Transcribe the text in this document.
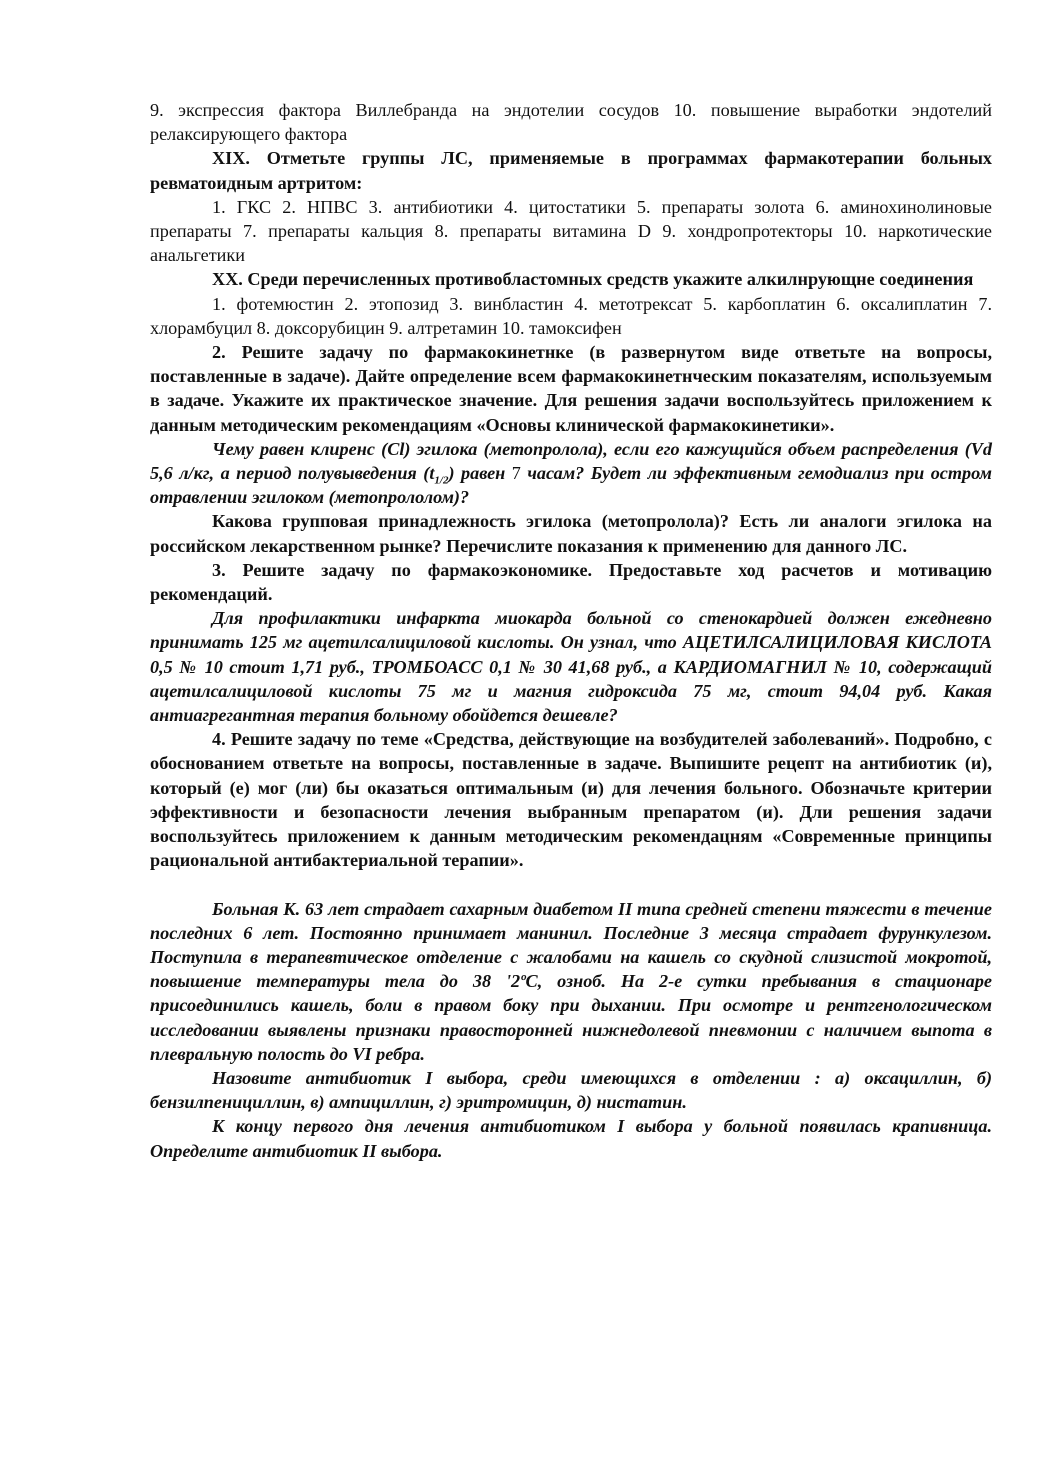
9. экспрессия фактора Виллебранда на эндотелии сосудов 10. повышение выработки эндотелий релаксирующего фактора

XIX. Отметьте группы ЛС, применяемые в программах фармакотерапии больных ревматоидным артритом:

1. ГКС 2. НПВС 3. антибиотики 4. цитостатики 5. препараты золота 6. аминохинолиновые препараты 7. препараты кальция 8. препараты витамина D 9. хондропротекторы 10. наркотические анальгетики

XX. Среди перечисленных противобластомных средств укажите алкилнрующне соединения

1. фотемюстин 2. этопозид 3. винбластин 4. метотрексат 5. карбоплатин 6. оксалиплатин 7. хлорамбуцил 8. доксорубицин 9. алтретамин 10. тамоксифен

2. Решите задачу по фармакокинетнке (в развернутом виде ответьте на вопросы, поставленные в задаче). Дайте определение всем фармакокинетнческим показателям, используемым в задаче. Укажите их практическое значение. Для решения задачи воспользуйтесь приложением к данным методическим рекомендациям «Основы клинической фармакокинетики».

Чему равен клиренс (Cl) эгилока (метопролола), если его кажущийся объем распределения (Vd 5,6 л/кг, а период полувыведения $(t_{1/2})$ равен 7 часам? Будет ли эффективным гемодиализ при остром отравлении эгилоком (метопрололом)?

Какова групповая принадлежность эгилока (метопролола)? Есть ли аналоги эгилока на российском лекарственном рынке? Перечислите показания к применению для данного ЛС.

3. Решите задачу по фармакоэкономике. Предоставьте ход расчетов и мотивацию рекомендаций.

Для профилактики инфаркта миокарда больной со стенокардией должен ежедневно принимать 125 мг ацетилсалициловой кислоты. Он узнал, что АЦЕТИЛСАЛИЦИЛОВАЯ КИСЛОТА 0,5 № 10 стоит 1,71 руб., ТРОМБОАСС 0,1 № 30 41,68 руб., а КАРДИОМАГНИЛ № 10, содержащий ацетилсалициловой кислоты 75 мг и магния гидроксида 75 мг, стоит 94,04 руб. Какая антиагрегантная терапия больному обойдется дешевле?

4. Решите задачу по теме «Средства, действующие на возбудителей заболеваний». Подробно, с обоснованием ответьте на вопросы, поставленные в задаче. Выпишите рецепт на антибиотик (и), который (е) мог (ли) бы оказаться оптимальным (и) для лечения больного. Обозначьте критерии эффективности и безопасности лечения выбранным препаратом (и). Дли решения задачи воспользуйтесь приложением к данным методическим рекомендацням «Современные принципы рациональной антибактериальной терапии».

Больная К. 63 лет страдает сахарным диабетом II типа средней степени тяжести в течение последних 6 лет. Постоянно принимает манинил. Последние 3 месяца страдает фурункулезом. Поступила в терапевтическое отделение с жалобами на кашель со скудной слизистой мокротой, повышение температуры тела до 38 '2ºС, озноб. На 2-е сутки пребывания в стационаре присоединились кашель, боли в правом боку при дыхании. При осмотре и рентгенологическом исследовании выявлены признаки правосторонней нижнедолевой пневмонии с наличием выпота в плевральную полость до VI ребра.

Назовите антибиотик I выбора, среди имеющихся в отделении : а) оксациллин, б) бензилпенициллин, в) ампициллин, г) эритромицин, д) нистатин.

К концу первого дня лечения антибиотиком I выбора у больной появилась крапивница. Определите антибиотик II выбора.
